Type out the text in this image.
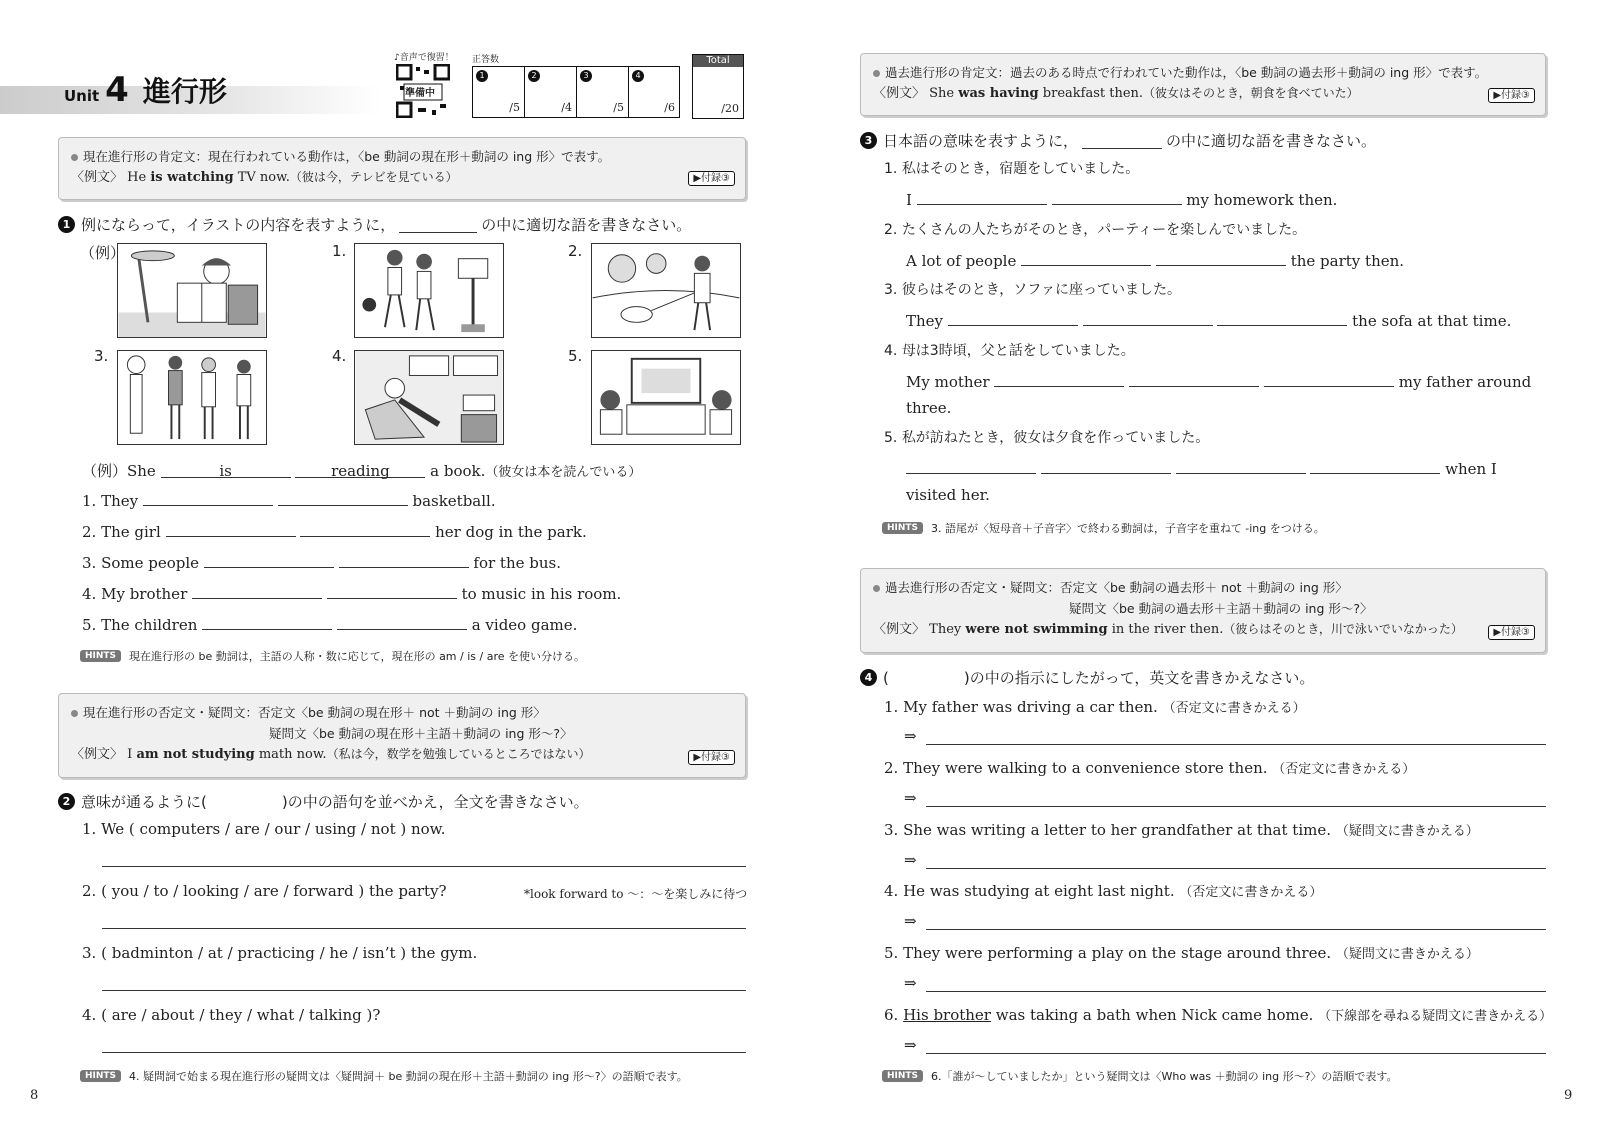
Unit 4 進行形
♪音声で復習！
準備中
正答数
1
/5
2
/4
3
/5
4
/6
Total
/20
現在進行形の肯定文：現在行われている動作は，〈be 動詞の現在形＋動詞の ing 形〉で表す。
〈例文〉 He is watching TV now.（彼は今，テレビを見ている）	▶付録③
1 例にならって，イラストの内容を表すように，	の中に適切な語を書きなさい。
（例）	1.	2.
3.	4.	5.
（例）She	is	reading	a book.（彼女は本を読んでいる）
1. They	basketball.
2. The girl	her dog in the park.
3. Some people	for the bus.
4. My brother	to music in his room.
5. The children	a video game.
HINTS	現在進行形の be 動詞は，主語の人称・数に応じて，現在形の am / is / are を使い分ける。
現在進行形の否定文・疑問文：否定文〈be 動詞の現在形＋ not ＋動詞の ing 形〉
疑問文〈be 動詞の現在形＋主語＋動詞の ing 形～?〉
〈例文〉 I am not studying math now.（私は今，数学を勉強しているところではない）	▶付録③
2 意味が通るように(　　　　　)の中の語句を並べかえ，全文を書きなさい。
1. We ( computers / are / our / using / not ) now.
2. ( you / to / looking / are / forward ) the party?	*look forward to ～：～を楽しみに待つ
3. ( badminton / at / practicing / he / isn’t ) the gym.
4. ( are / about / they / what / talking )?
HINTS	4. 疑問詞で始まる現在進行形の疑問文は〈疑問詞＋ be 動詞の現在形＋主語＋動詞の ing 形～?〉の語順で表す。
8
過去進行形の肯定文：過去のある時点で行われていた動作は，〈be 動詞の過去形＋動詞の ing 形〉で表す。
〈例文〉 She was having breakfast then.（彼女はそのとき，朝食を食べていた）	▶付録③
3 日本語の意味を表すように，	の中に適切な語を書きなさい。
1. 私はそのとき，宿題をしていました。
I	my homework then.
2. たくさんの人たちがそのとき，パーティーを楽しんでいました。
A lot of people	the party then.
3. 彼らはそのとき，ソファに座っていました。
They	the sofa at that time.
4. 母は3時頃，父と話をしていました。
My mother	my father around
three.
5. 私が訪ねたとき，彼女は夕食を作っていました。
when I
visited her.
HINTS	3. 語尾が〈短母音＋子音字〉で終わる動詞は，子音字を重ねて -ing をつける。
過去進行形の否定文・疑問文：否定文〈be 動詞の過去形＋ not ＋動詞の ing 形〉
疑問文〈be 動詞の過去形＋主語＋動詞の ing 形～?〉
〈例文〉 They were not swimming in the river then.（彼らはそのとき，川で泳いでいなかった）	▶付録③
4 (　　　　　)の中の指示にしたがって，英文を書きかえなさい。
1. My father was driving a car then. （否定文に書きかえる）
⇒
2. They were walking to a convenience store then. （否定文に書きかえる）
⇒
3. She was writing a letter to her grandfather at that time. （疑問文に書きかえる）
⇒
4. He was studying at eight last night. （否定文に書きかえる）
⇒
5. They were performing a play on the stage around three. （疑問文に書きかえる）
⇒
6. His brother was taking a bath when Nick came home. （下線部を尋ねる疑問文に書きかえる）
⇒
HINTS	6.「誰が～していましたか」という疑問文は〈Who was ＋動詞の ing 形～?〉の語順で表す。
9
